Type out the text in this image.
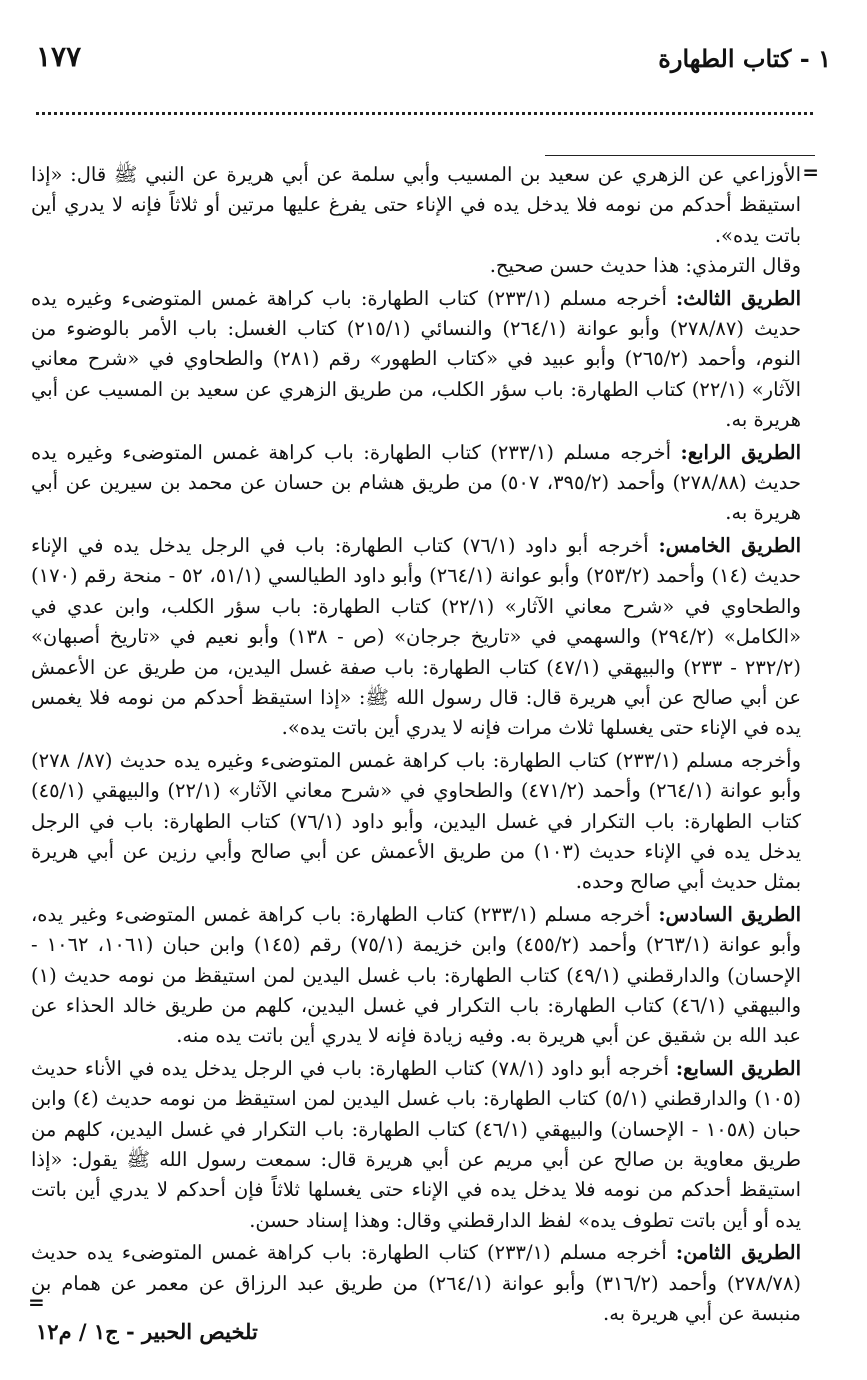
١ - كتاب الطهارة
١٧٧
=

الأوزاعي عن الزهري عن سعيد بن المسيب وأبي سلمة عن أبي هريرة عن النبي ﷺ قال: «إذا استيقظ أحدكم من نومه فلا يدخل يده في الإناء حتى يفرغ عليها مرتين أو ثلاثاً فإنه لا يدري أين باتت يده».

وقال الترمذي: هذا حديث حسن صحيح.

الطريق الثالث: أخرجه مسلم (٢٣٣/١) كتاب الطهارة: باب كراهة غمس المتوضىء وغيره يده حديث (٢٧٨/٨٧) وأبو عوانة (٢٦٤/١) والنسائي (٢١٥/١) كتاب الغسل: باب الأمر بالوضوء من النوم، وأحمد (٢٦٥/٢) وأبو عبيد في «كتاب الطهور» رقم (٢٨١) والطحاوي في «شرح معاني الآثار» (٢٢/١) كتاب الطهارة: باب سؤر الكلب، من طريق الزهري عن سعيد بن المسيب عن أبي هريرة به.

الطريق الرابع: أخرجه مسلم (٢٣٣/١) كتاب الطهارة: باب كراهة غمس المتوضىء وغيره يده حديث (٢٧٨/٨٨) وأحمد (٣٩٥/٢، ٥٠٧) من طريق هشام بن حسان عن محمد بن سيرين عن أبي هريرة به.

الطريق الخامس: أخرجه أبو داود (٧٦/١) كتاب الطهارة: باب في الرجل يدخل يده في الإناء حديث (١٤) وأحمد (٢٥٣/٢) وأبو عوانة (٢٦٤/١) وأبو داود الطيالسي (٥١/١، ٥٢ - منحة رقم (١٧٠) والطحاوي في «شرح معاني الآثار» (٢٢/١) كتاب الطهارة: باب سؤر الكلب، وابن عدي في «الكامل» (٢٩٤/٢) والسهمي في «تاريخ جرجان» (ص - ١٣٨) وأبو نعيم في «تاريخ أصبهان» (٢٣٢/٢ - ٢٣٣) والبيهقي (٤٧/١) كتاب الطهارة: باب صفة غسل اليدين، من طريق عن الأعمش عن أبي صالح عن أبي هريرة قال: قال رسول الله ﷺ: «إذا استيقظ أحدكم من نومه فلا يغمس يده في الإناء حتى يغسلها ثلاث مرات فإنه لا يدري أين باتت يده».

وأخرجه مسلم (٢٣٣/١) كتاب الطهارة: باب كراهة غمس المتوضىء وغيره يده حديث (٨٧/ ٢٧٨) وأبو عوانة (٢٦٤/١) وأحمد (٤٧١/٢) والطحاوي في «شرح معاني الآثار» (٢٢/١) والبيهقي (٤٥/١) كتاب الطهارة: باب التكرار في غسل اليدين، وأبو داود (٧٦/١) كتاب الطهارة: باب في الرجل يدخل يده في الإناء حديث (١٠٣) من طريق الأعمش عن أبي صالح وأبي رزين عن أبي هريرة بمثل حديث أبي صالح وحده.

الطريق السادس: أخرجه مسلم (٢٣٣/١) كتاب الطهارة: باب كراهة غمس المتوضىء وغير يده، وأبو عوانة (٢٦٣/١) وأحمد (٤٥٥/٢) وابن خزيمة (٧٥/١) رقم (١٤٥) وابن حبان (١٠٦١، ١٠٦٢ - الإحسان) والدارقطني (٤٩/١) كتاب الطهارة: باب غسل اليدين لمن استيقظ من نومه حديث (١) والبيهقي (٤٦/١) كتاب الطهارة: باب التكرار في غسل اليدين، كلهم من طريق خالد الحذاء عن عبد الله بن شقيق عن أبي هريرة به. وفيه زيادة فإنه لا يدري أين باتت يده منه.

الطريق السابع: أخرجه أبو داود (٧٨/١) كتاب الطهارة: باب في الرجل يدخل يده في الأناء حديث (١٠٥) والدارقطني (٥/١) كتاب الطهارة: باب غسل اليدين لمن استيقظ من نومه حديث (٤) وابن حبان (١٠٥٨ - الإحسان) والبيهقي (٤٦/١) كتاب الطهارة: باب التكرار في غسل اليدين، كلهم من طريق معاوية بن صالح عن أبي مريم عن أبي هريرة قال: سمعت رسول الله ﷺ يقول: «إذا استيقظ أحدكم من نومه فلا يدخل يده في الإناء حتى يغسلها ثلاثاً فإن أحدكم لا يدري أين باتت يده أو أين باتت تطوف يده» لفظ الدارقطني وقال: وهذا إسناد حسن.

الطريق الثامن: أخرجه مسلم (٢٣٣/١) كتاب الطهارة: باب كراهة غمس المتوضىء يده حديث (٢٧٨/٧٨) وأحمد (٣١٦/٢) وأبو عوانة (٢٦٤/١) من طريق عبد الرزاق عن معمر عن همام بن منبسة عن أبي هريرة به.

=
تلخيص الحبير - ج١ / م١٢
